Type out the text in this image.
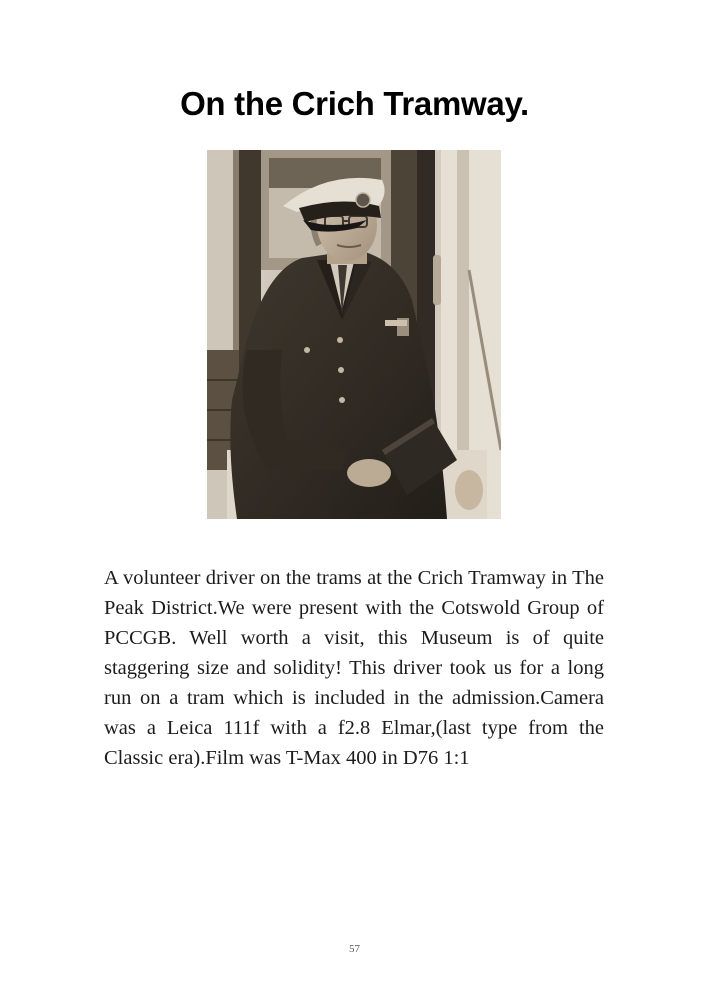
On the Crich Tramway.

A volunteer driver on the trams at the Crich Tramway in The Peak District.We were present with the Cotswold Group of PCCGB. Well worth a visit, this Museum is of quite staggering size and solidity! This driver took us for a long run on a tram which is included in the admission.Camera was a Leica 111f with a f2.8 Elmar,(last type from the Classic era).Film was T-Max 400 in D76 1:1

57
